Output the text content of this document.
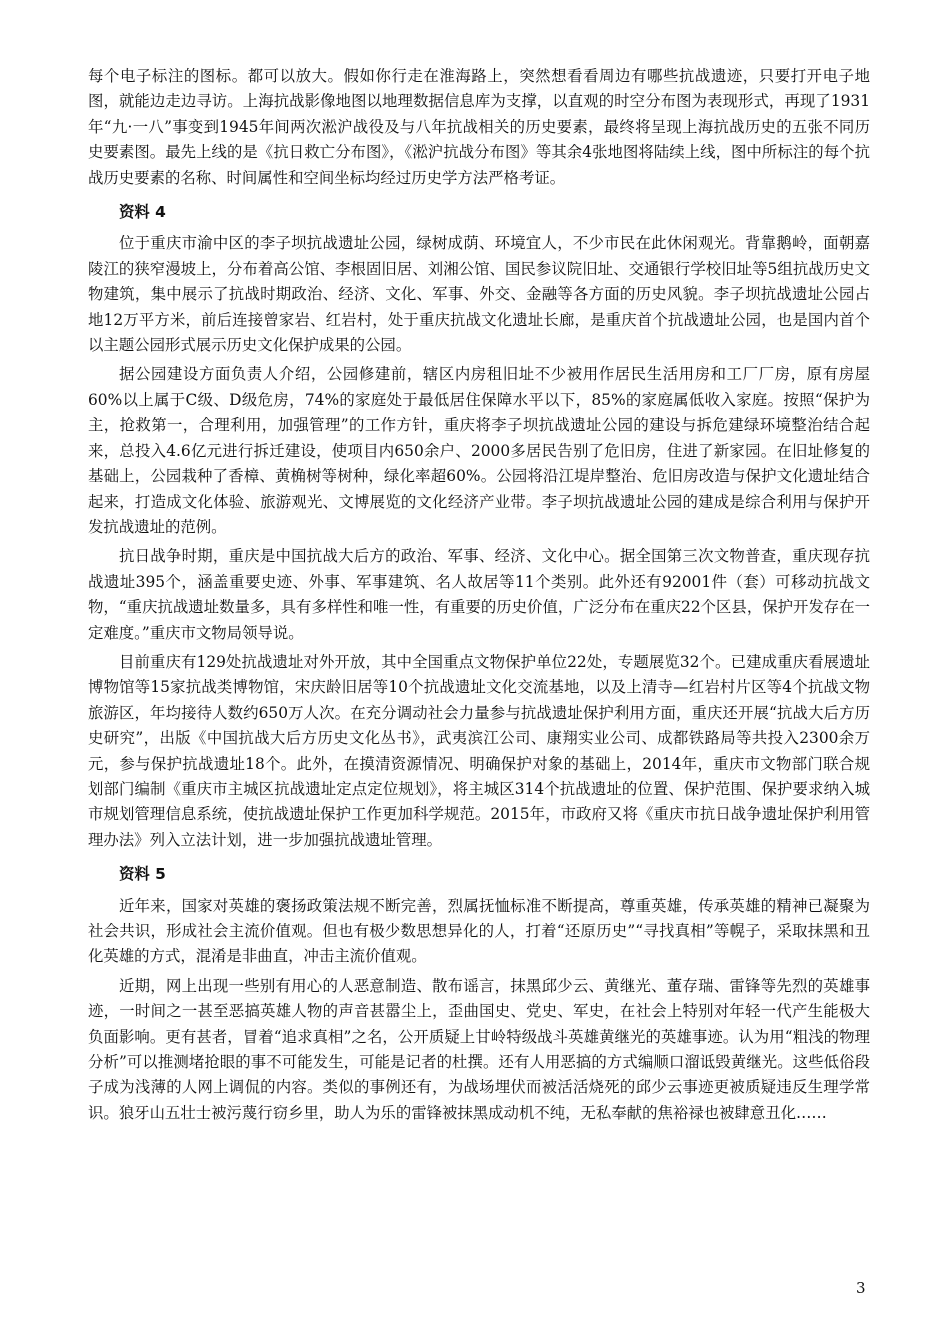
每个电子标注的图标。都可以放大。假如你行走在淮海路上，突然想看看周边有哪些抗战遗迹，只要打开电子地图，就能边走边寻访。上海抗战影像地图以地理数据信息库为支撑，以直观的时空分布图为表现形式，再现了1931年“九·一八”事变到1945年间两次淞沪战役及与八年抗战相关的历史要素，最终将呈现上海抗战历史的五张不同历史要素图。最先上线的是《抗日救亡分布图》，《淞沪抗战分布图》等其余4张地图将陆续上线，图中所标注的每个抗战历史要素的名称、时间属性和空间坐标均经过历史学方法严格考证。

资料 4

位于重庆市渝中区的李子坝抗战遗址公园，绿树成荫、环境宜人，不少市民在此休闲观光。背靠鹅岭，面朝嘉陵江的狭窄漫坡上，分布着高公馆、李根固旧居、刘湘公馆、国民参议院旧址、交通银行学校旧址等5组抗战历史文物建筑，集中展示了抗战时期政治、经济、文化、军事、外交、金融等各方面的历史风貌。李子坝抗战遗址公园占地12万平方米，前后连接曾家岩、红岩村，处于重庆抗战文化遗址长廊，是重庆首个抗战遗址公园，也是国内首个以主题公园形式展示历史文化保护成果的公园。

据公园建设方面负责人介绍，公园修建前，辖区内房租旧址不少被用作居民生活用房和工厂厂房，原有房屋60%以上属于C级、D级危房，74%的家庭处于最低居住保障水平以下，85%的家庭属低收入家庭。按照“保护为主，抢救第一，合理利用，加强管理”的工作方针，重庆将李子坝抗战遗址公园的建设与拆危建绿环境整治结合起来，总投入4.6亿元进行拆迁建设，使项目内650余户、2000多居民告别了危旧房，住进了新家园。在旧址修复的基础上，公园栽种了香樟、黄桷树等树种，绿化率超60%。公园将沿江堤岸整治、危旧房改造与保护文化遗址结合起来，打造成文化体验、旅游观光、文博展览的文化经济产业带。李子坝抗战遗址公园的建成是综合利用与保护开发抗战遗址的范例。

抗日战争时期，重庆是中国抗战大后方的政治、军事、经济、文化中心。据全国第三次文物普查，重庆现存抗战遗址395个，涵盖重要史迹、外事、军事建筑、名人故居等11个类别。此外还有92001件（套）可移动抗战文物，“重庆抗战遗址数量多，具有多样性和唯一性，有重要的历史价值，广泛分布在重庆22个区县，保护开发存在一定难度。”重庆市文物局领导说。

目前重庆有129处抗战遗址对外开放，其中全国重点文物保护单位22处，专题展览32个。已建成重庆看展遗址博物馆等15家抗战类博物馆，宋庆龄旧居等10个抗战遗址文化交流基地，以及上清寺—红岩村片区等4个抗战文物旅游区，年均接待人数约650万人次。在充分调动社会力量参与抗战遗址保护利用方面，重庆还开展“抗战大后方历史研究”，出版《中国抗战大后方历史文化丛书》，武夷滨江公司、康翔实业公司、成都铁路局等共投入2300余万元，参与保护抗战遗址18个。此外，在摸清资源情况、明确保护对象的基础上，2014年，重庆市文物部门联合规划部门编制《重庆市主城区抗战遗址定点定位规划》，将主城区314个抗战遗址的位置、保护范围、保护要求纳入城市规划管理信息系统，使抗战遗址保护工作更加科学规范。2015年，市政府又将《重庆市抗日战争遗址保护利用管理办法》列入立法计划，进一步加强抗战遗址管理。

资料 5

近年来，国家对英雄的褒扬政策法规不断完善，烈属抚恤标准不断提高，尊重英雄，传承英雄的精神已凝聚为社会共识，形成社会主流价值观。但也有极少数思想异化的人，打着“还原历史”“寻找真相”等幌子，采取抹黑和丑化英雄的方式，混淆是非曲直，冲击主流价值观。

近期，网上出现一些别有用心的人恶意制造、散布谣言，抹黑邱少云、黄继光、董存瑞、雷锋等先烈的英雄事迹，一时间之一甚至恶搞英雄人物的声音甚嚣尘上，歪曲国史、党史、军史，在社会上特别对年轻一代产生能极大负面影响。更有甚者，冒着“追求真相”之名，公开质疑上甘岭特级战斗英雄黄继光的英雄事迹。认为用“粗浅的物理分析”可以推测堵抢眼的事不可能发生，可能是记者的杜撰。还有人用恶搞的方式编顺口溜诋毁黄继光。这些低俗段子成为浅薄的人网上调侃的内容。类似的事例还有，为战场埋伏而被活活烧死的邱少云事迹更被质疑违反生理学常识。狼牙山五壮士被污蔑行窃乡里，助人为乐的雷锋被抹黑成动机不纯，无私奉献的焦裕禄也被肆意丑化……

3
